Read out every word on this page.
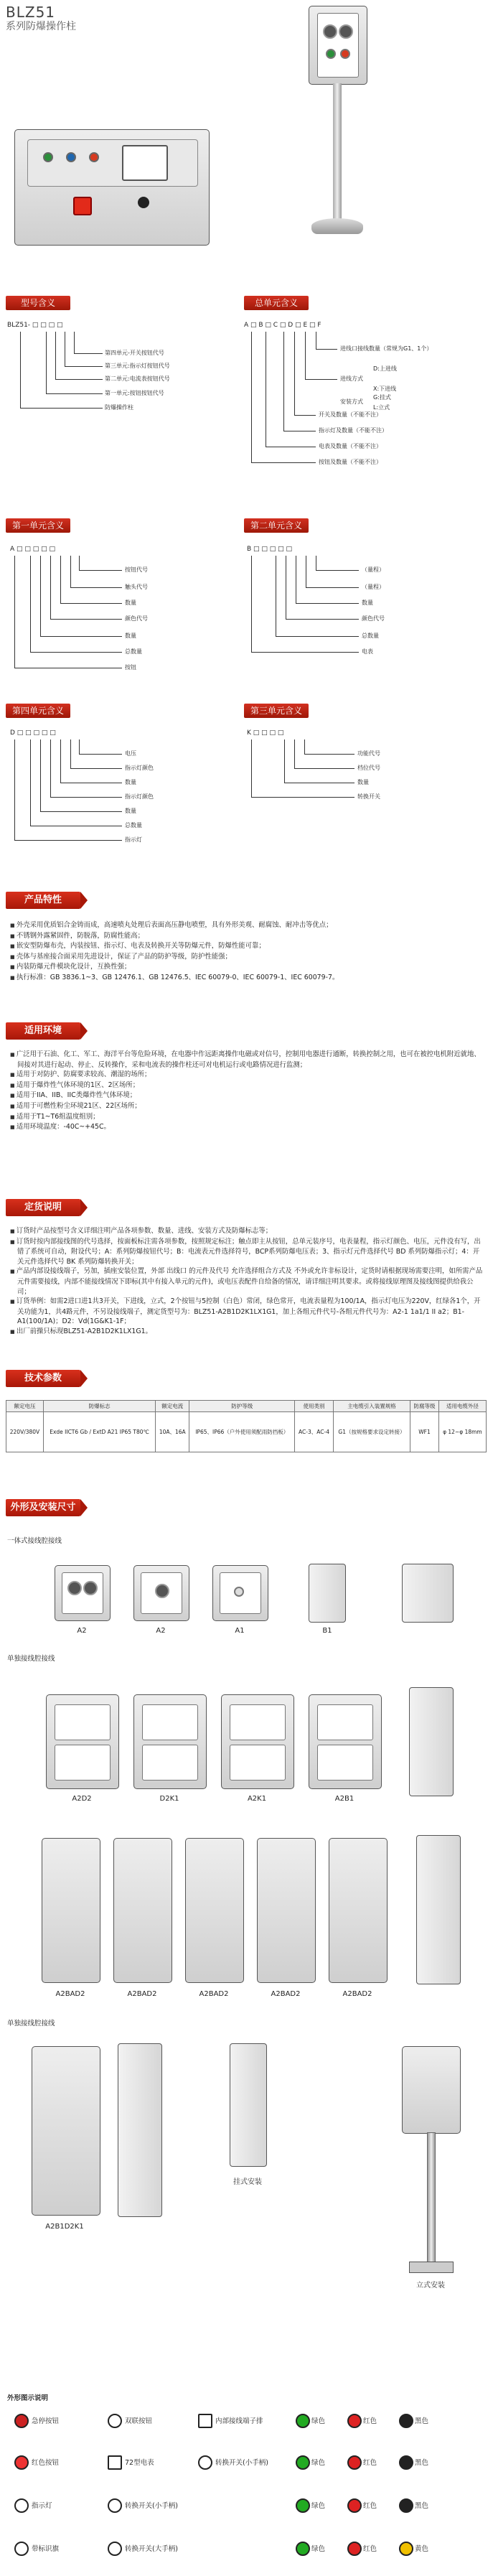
BLZ51
系列防爆操作柱
型号含义
BLZ51- □ □ □ □
第四单元-开关按钮代号
第三单元:指示灯按钮代号
第二单元:电流表按钮代号
第一单元:按钮按钮代号
防爆操作柱
总单元含义
A □ B □ C □ D □ E □ F
进线口接线数量（常规为G1、1个）
进线方式
D:上进线
X:下进线
安装方式
G:挂式
L:立式
开关及数量（不能不注）
指示灯及数量（不能不注）
电表及数量（不能不注）
按钮及数量（不能不注）
第一单元含义
A □ □ □ □ □
按钮代号
触头代号
数量
颜色代号
数量
总数量
按钮
第二单元含义
B □ □ □ □ □
（量程）
（量程）
数量
颜色代号
总数量
电表
第四单元含义
D □ □ □ □ □
电压
指示灯颜色
数量
指示灯颜色
数量
总数量
指示灯
第三单元含义
K □ □ □ □
功能代号
档位代号
数量
转换开关
产品特性

■ 外壳采用优质铝合金铸而成，高速喷丸处理后表面高压静电喷塑，具有外形美观、耐腐蚀、耐冲击等优点；

■ 不锈钢外露紧固件，防脱落，防腐性能高；

■ 嵌安型防爆布壳，内装按钮、指示灯、电表及转换开关等防爆元件，防爆性能可靠；

■ 壳体与基座接合面采用先进设计，保证了产品的防护等级，防护性能强；

■ 内装防爆元件模块化设计，互换性强；

■ 执行标准：GB 3836.1~3、GB 12476.1、GB 12476.5、IEC 60079-0、IEC 60079-1、IEC 60079-7。

适用环境

■ 广泛用于石油、化工、军工、海洋平台等危险环境，在电器中作远距离操作电磁或对信号，控制用电器进行通断，转换控制之用，也可在被控电机附近就地、间接对其进行起动、停止、反转操作，采和电流表的操作柱还可对电机运行或电路情况进行监测；

■ 适用于对防护、防腐要求较高、潮湿的场所；

■ 适用于爆炸性气体环境的1区、2区场所；

■ 适用于IIA、IIB、IIC类爆炸性气体环境；

■ 适用于可燃性粉尘环境21区、22区场所；

■ 适用于T1~T6组温度组别；

■ 适用环境温度：-40C~+45C。

定货说明

■ 订货时产品按型号含义详细注明产品各项参数、数量、进线、安装方式及防爆标志等；

■ 订货时按内部接线图的代号选择，按面板标注需各项参数，按照规定标注；触点即主从按钮，总单元装序号，电表量程，指示灯颜色、电压，元件没有写，出错了系统可自动，附设代号；A：系列防爆按钮代号；B：电流表元件选择符号，BCP系列防爆电压表；3、指示灯元件选择代号 BD 系列防爆指示灯；4：开关元件选择代号 BK 系列防爆转换开关；

■ 产品内部设接线端子，另加，插座安装位置，外部 出线口 的元件及代号 允许选择组合方式及 不外或允许非标设计，定货时请根据现场需要注明，如所需产品元件需要接线，内部不能接线情况下即标(其中有接入单元的元件)，或电压表配件自给备的情况，请详细注明其要求。或将接线原理图及接线图提供给我公司；

■ 订货举例：如需2进口进1共3开关，下进线，立式，2个按钮与5控制（白色）常闭，绿色常开，电流表量程为100/1A，指示灯电压为220V，红绿各1个，开关功能为1，共4路元件，不另设接线端子，测定货型号为：BLZ51-A2B1D2K1LX1G1，加上各组元件代号-各组元件代号为：A2-1 1a1/1 II a2；B1-A1(100/1A)；D2：Vd(1G&K1-1F；

■ 出厂前操只标现BLZ51-A2B1D2K1LX1G1。

技术参数
额定电压	防爆标志	额定电流	防护等级	使用类别	主电缆引入装置规格	防腐等级	适用电缆外径
220V/380V	Exde IICT6 Gb / ExtD A21 IP65 T80℃	10A、16A	IP65、IP66（户外使用须配雨防挡板）	AC-3、AC-4	G1（按规格要求设定转接）	WF1	φ 12~φ 18mm
外形及安装尺寸
一体式接线腔接线
A2	A2	A1	B1
单独接线腔接线
A2D2	D2K1	A2K1	A2B1
A2BAD2	A2BAD2	A2BAD2	A2BAD2	A2BAD2
单独接线腔接线
A2B1D2K1
挂式安装
立式安装
外形图示说明
急停按钮	双联按钮	内部接线端子排	绿色	红色	黑色
红色按钮	72型电表	转换开关(小手柄)	绿色	红色	黑色
指示灯	转换开关(小手柄)	绿色	红色	黑色
带标识旗	转换开关(大手柄)	绿色	红色	黄色
